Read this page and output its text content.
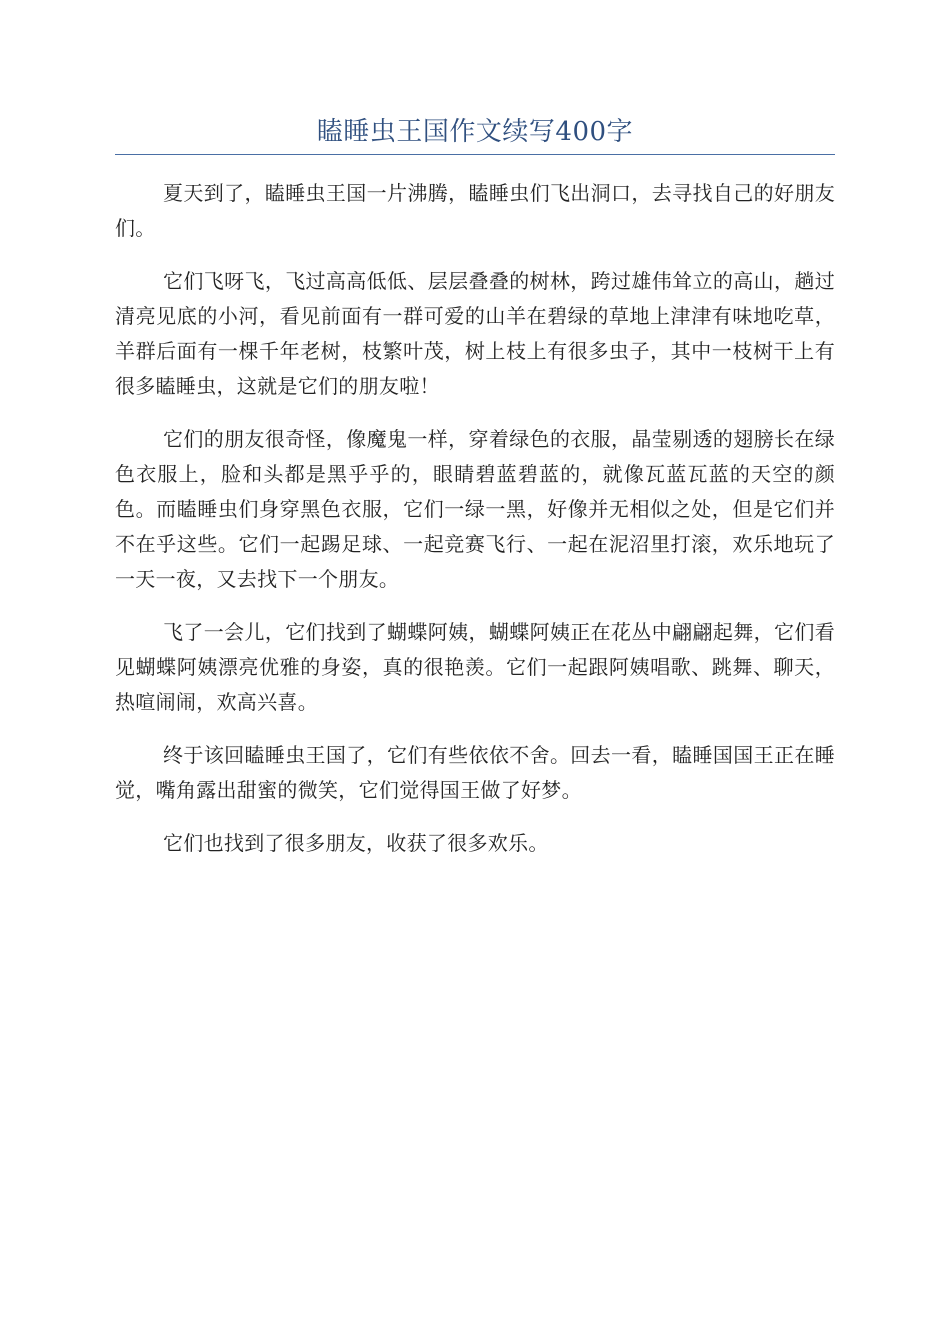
瞌睡虫王国作文续写400字

夏天到了，瞌睡虫王国一片沸腾，瞌睡虫们飞出洞口，去寻找自己的好朋友们。

它们飞呀飞，飞过高高低低、层层叠叠的树林，跨过雄伟耸立的高山，趟过清亮见底的小河，看见前面有一群可爱的山羊在碧绿的草地上津津有味地吃草，羊群后面有一棵千年老树，枝繁叶茂，树上枝上有很多虫子，其中一枝树干上有很多瞌睡虫，这就是它们的朋友啦！

它们的朋友很奇怪，像魔鬼一样，穿着绿色的衣服，晶莹剔透的翅膀长在绿色衣服上，脸和头都是黑乎乎的，眼睛碧蓝碧蓝的，就像瓦蓝瓦蓝的天空的颜色。而瞌睡虫们身穿黑色衣服，它们一绿一黑，好像并无相似之处，但是它们并不在乎这些。它们一起踢足球、一起竞赛飞行、一起在泥沼里打滚，欢乐地玩了一天一夜，又去找下一个朋友。

飞了一会儿，它们找到了蝴蝶阿姨，蝴蝶阿姨正在花丛中翩翩起舞，它们看见蝴蝶阿姨漂亮优雅的身姿，真的很艳羡。它们一起跟阿姨唱歌、跳舞、聊天，热喧闹闹，欢高兴喜。

终于该回瞌睡虫王国了，它们有些依依不舍。回去一看，瞌睡国国王正在睡觉，嘴角露出甜蜜的微笑，它们觉得国王做了好梦。

它们也找到了很多朋友，收获了很多欢乐。
